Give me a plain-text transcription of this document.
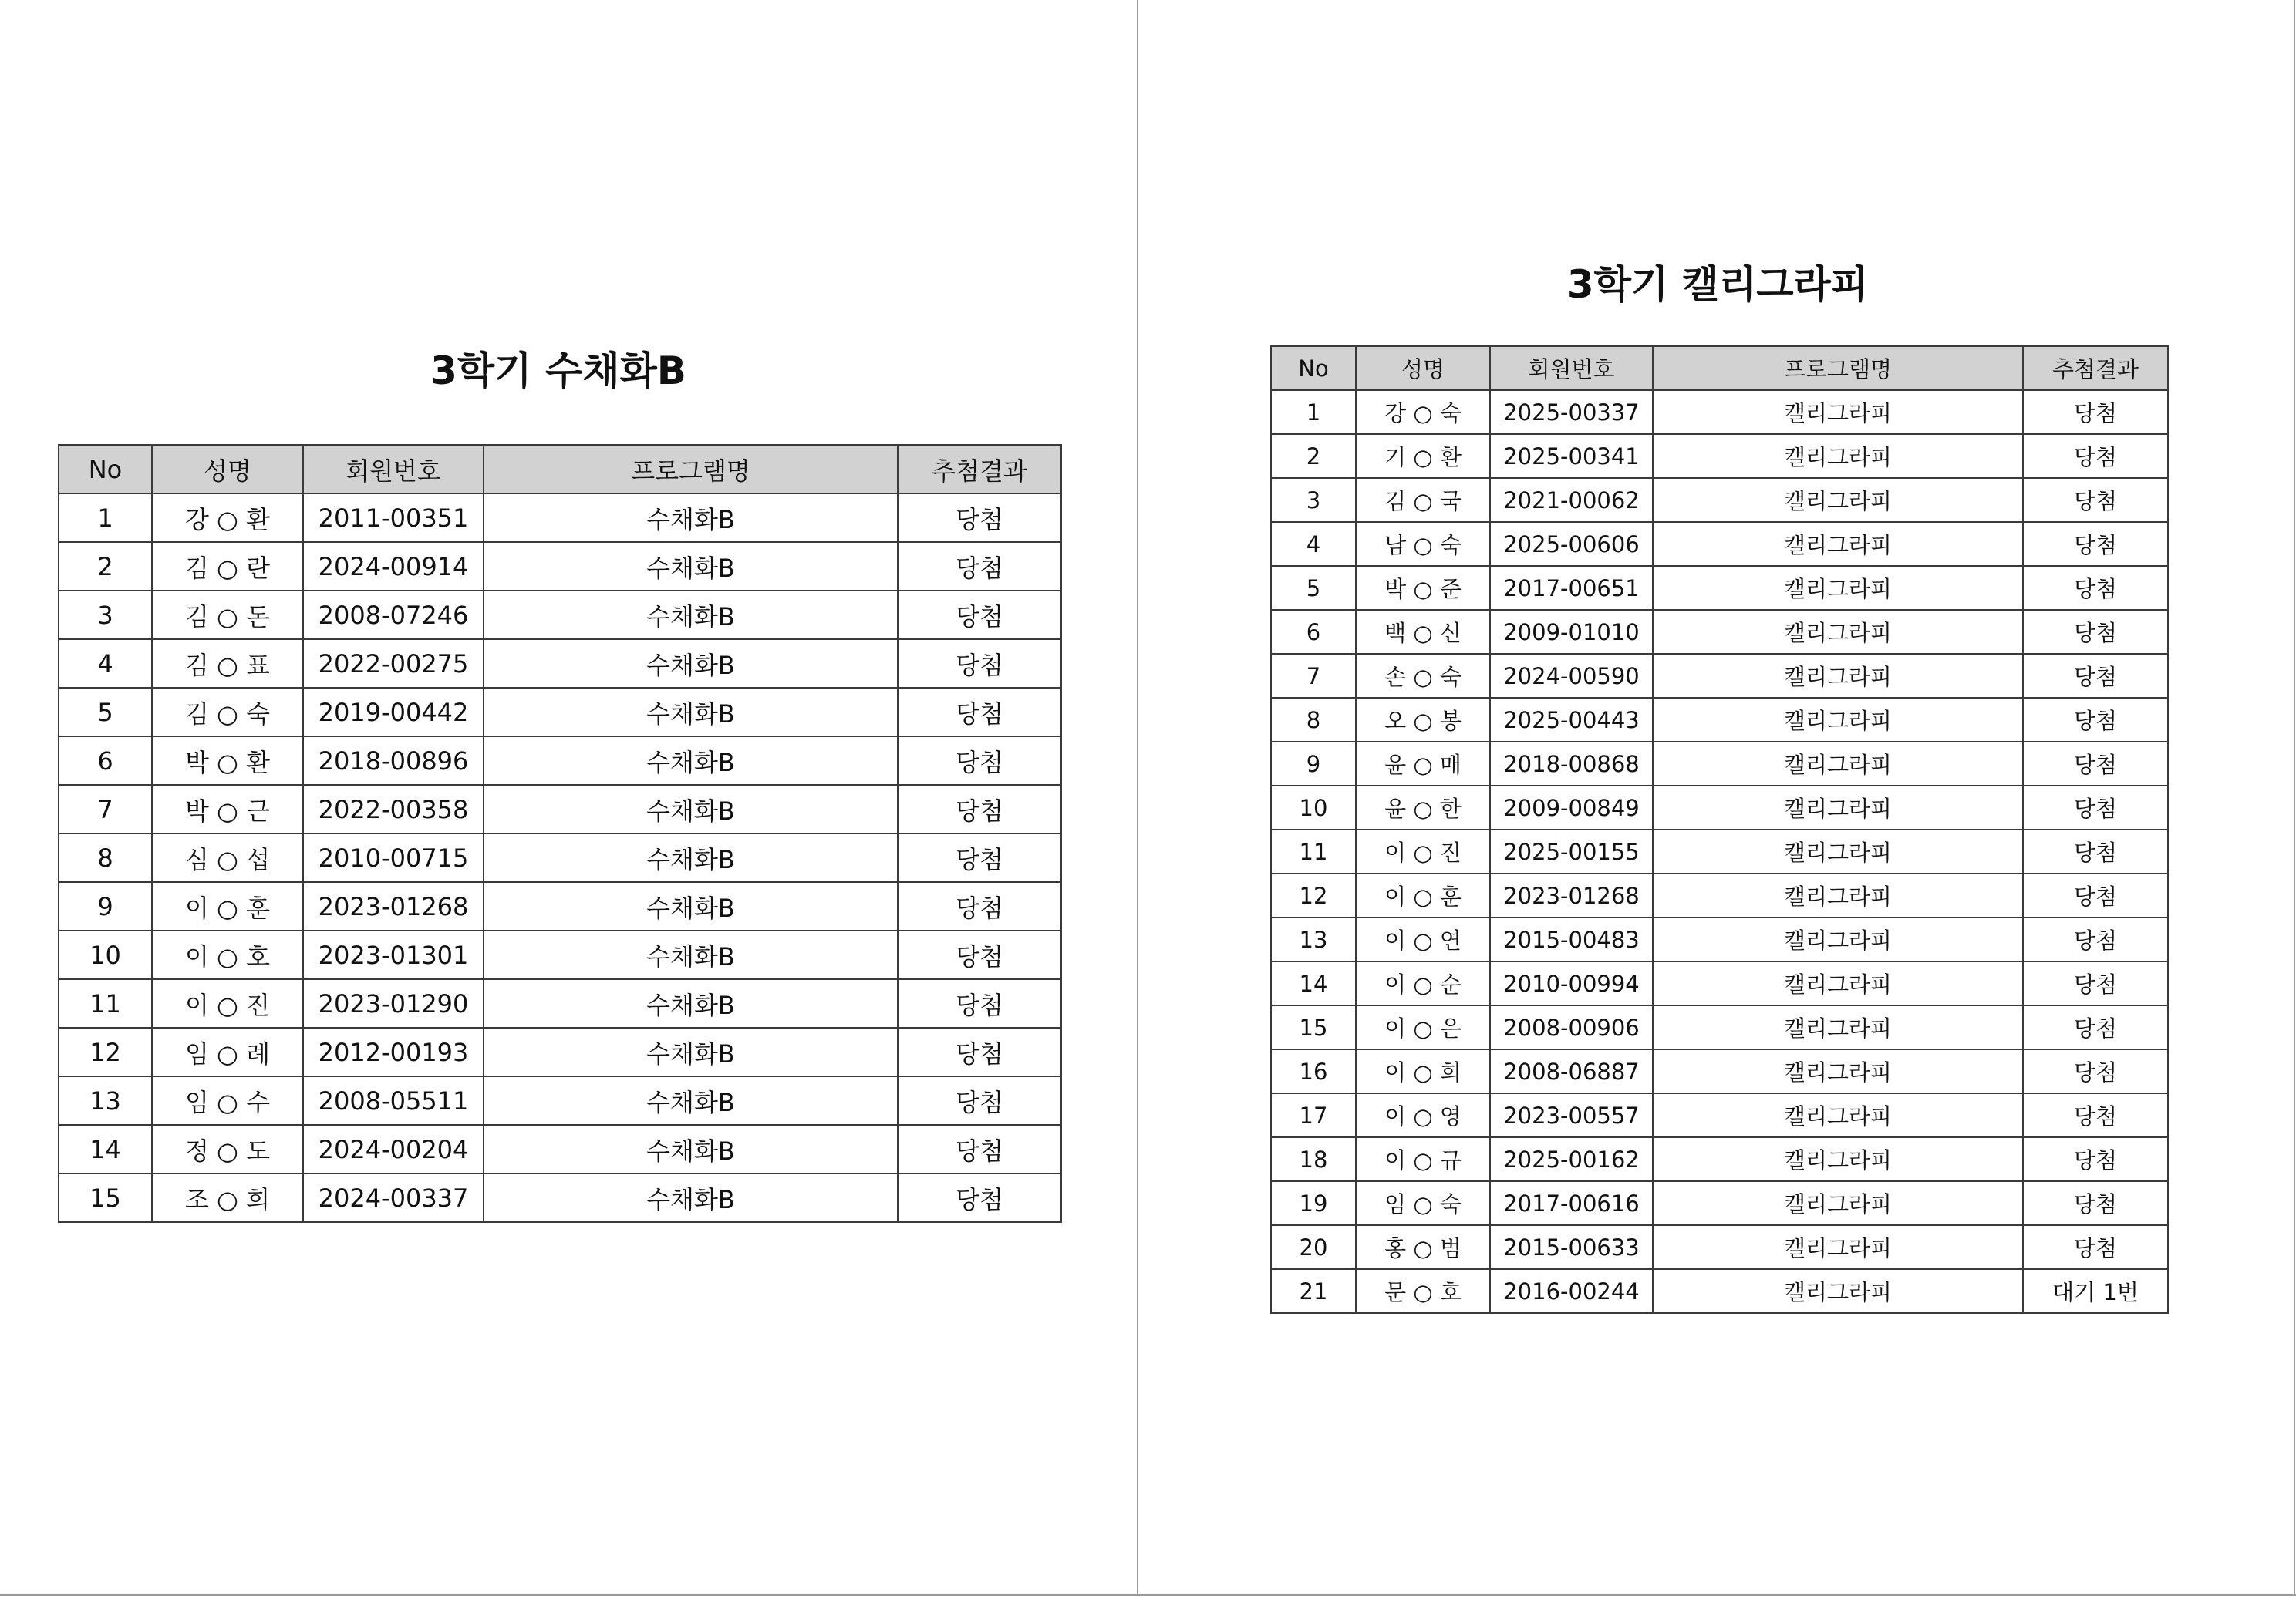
3학기 수채화B
No	성명	회원번호	프로그램명	추첨결과
1	강 ○ 환	2011-00351	수채화B	당첨
2	김 ○ 란	2024-00914	수채화B	당첨
3	김 ○ 돈	2008-07246	수채화B	당첨
4	김 ○ 표	2022-00275	수채화B	당첨
5	김 ○ 숙	2019-00442	수채화B	당첨
6	박 ○ 환	2018-00896	수채화B	당첨
7	박 ○ 근	2022-00358	수채화B	당첨
8	심 ○ 섭	2010-00715	수채화B	당첨
9	이 ○ 훈	2023-01268	수채화B	당첨
10	이 ○ 호	2023-01301	수채화B	당첨
11	이 ○ 진	2023-01290	수채화B	당첨
12	임 ○ 례	2012-00193	수채화B	당첨
13	임 ○ 수	2008-05511	수채화B	당첨
14	정 ○ 도	2024-00204	수채화B	당첨
15	조 ○ 희	2024-00337	수채화B	당첨
3학기 캘리그라피
No	성명	회원번호	프로그램명	추첨결과
1	강 ○ 숙	2025-00337	캘리그라피	당첨
2	기 ○ 환	2025-00341	캘리그라피	당첨
3	김 ○ 국	2021-00062	캘리그라피	당첨
4	남 ○ 숙	2025-00606	캘리그라피	당첨
5	박 ○ 준	2017-00651	캘리그라피	당첨
6	백 ○ 신	2009-01010	캘리그라피	당첨
7	손 ○ 숙	2024-00590	캘리그라피	당첨
8	오 ○ 봉	2025-00443	캘리그라피	당첨
9	윤 ○ 매	2018-00868	캘리그라피	당첨
10	윤 ○ 한	2009-00849	캘리그라피	당첨
11	이 ○ 진	2025-00155	캘리그라피	당첨
12	이 ○ 훈	2023-01268	캘리그라피	당첨
13	이 ○ 연	2015-00483	캘리그라피	당첨
14	이 ○ 순	2010-00994	캘리그라피	당첨
15	이 ○ 은	2008-00906	캘리그라피	당첨
16	이 ○ 희	2008-06887	캘리그라피	당첨
17	이 ○ 영	2023-00557	캘리그라피	당첨
18	이 ○ 규	2025-00162	캘리그라피	당첨
19	임 ○ 숙	2017-00616	캘리그라피	당첨
20	홍 ○ 범	2015-00633	캘리그라피	당첨
21	문 ○ 호	2016-00244	캘리그라피	대기 1번
